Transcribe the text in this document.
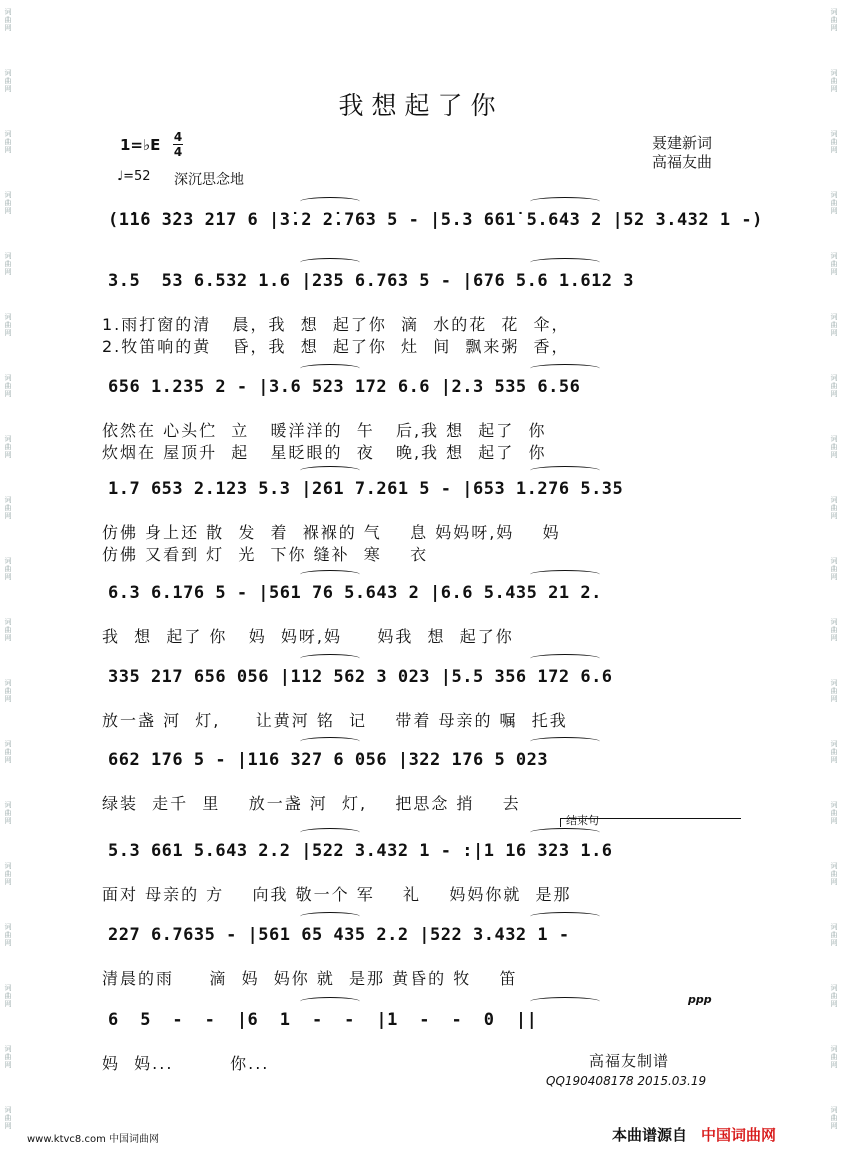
词
曲
网
词
曲
网
词
曲
网
词
曲
网
词
曲
网
词
曲
网
词
曲
网
词
曲
网
词
曲
网
词
曲
网
词
曲
网
词
曲
网
词
曲
网
词
曲
网
词
曲
网
词
曲
网
词
曲
网
词
曲
网
词
曲
网
词
曲
网
词
曲
网
词
曲
网
词
曲
网
词
曲
网
词
曲
网
词
曲
网
词
曲
网
词
曲
网
词
曲
网
词
曲
网
词
曲
网
词
曲
网
词
曲
网
词
曲
网
词
曲
网
词
曲
网
词
曲
网
词
曲
网
我想起了你
1=♭E 4
4
♩=52 深沉思念地
聂建新词
高福友曲
(1̇1̇6 3̇23 2̇17 6 |3̇.2 2̇.763 5 - |5.3 661̇ 5.643 2 |52 3.432 1 -)
3.5  53 6.532 1.6 |235 6.763 5 - |676 5.6 1.612 3
1.雨打窗的清   晨，我  想  起了你  滴  水的花  花  伞，
2.牧笛响的黄   昏，我  想  起了你  灶  间  飘来粥  香，
656 1.235 2 - |3.6 523 172 6.6 |2.3 535 6.56
依然在 心头伫  立   暖洋洋的  午   后,我 想  起了  你
炊烟在 屋顶升  起   星眨眼的  夜   晚,我 想  起了  你
1.7 653 2.123 5.3 |261 7.261 5 - |653 1.276 5.35
仿佛 身上还 散  发  着  褓褓的 气    息 妈妈呀,妈    妈
仿佛 又看到 灯  光  下你 缝补  寒    衣
6.3 6.176 5 - |561 76 5.643 2 |6.6 5.435 21 2.
我  想  起了 你   妈  妈呀,妈     妈我  想  起了你
335 217 656 056 |112 562 3 023 |5.5 356 172 6.6
放一盏 河  灯,     让黄河 铭  记    带着 母亲的 嘱  托我
662 176 5 - |116 327 6 056 |322 176 5 023
绿装  走千  里    放一盏 河  灯,    把思念 捎    去
5.3 661 5.643 2.2 |522 3.432 1 - :|1 16 323 1.6
面对 母亲的 方    向我 敬一个 军    礼    妈妈你就  是那
227 6.7635 - |561 65 435 2.2 |522 3.432 1 -
清晨的雨     滴  妈  妈你 就  是那 黄昏的 牧    笛
6  5  -  -  |6  1  -  -  |1  -  -  0  ||
妈  妈...        你...
结束句
ppp
高福友制谱
QQ190408178 2015.03.19
www.ktvc8.com 中国词曲网	本曲谱源自 中国词曲网
